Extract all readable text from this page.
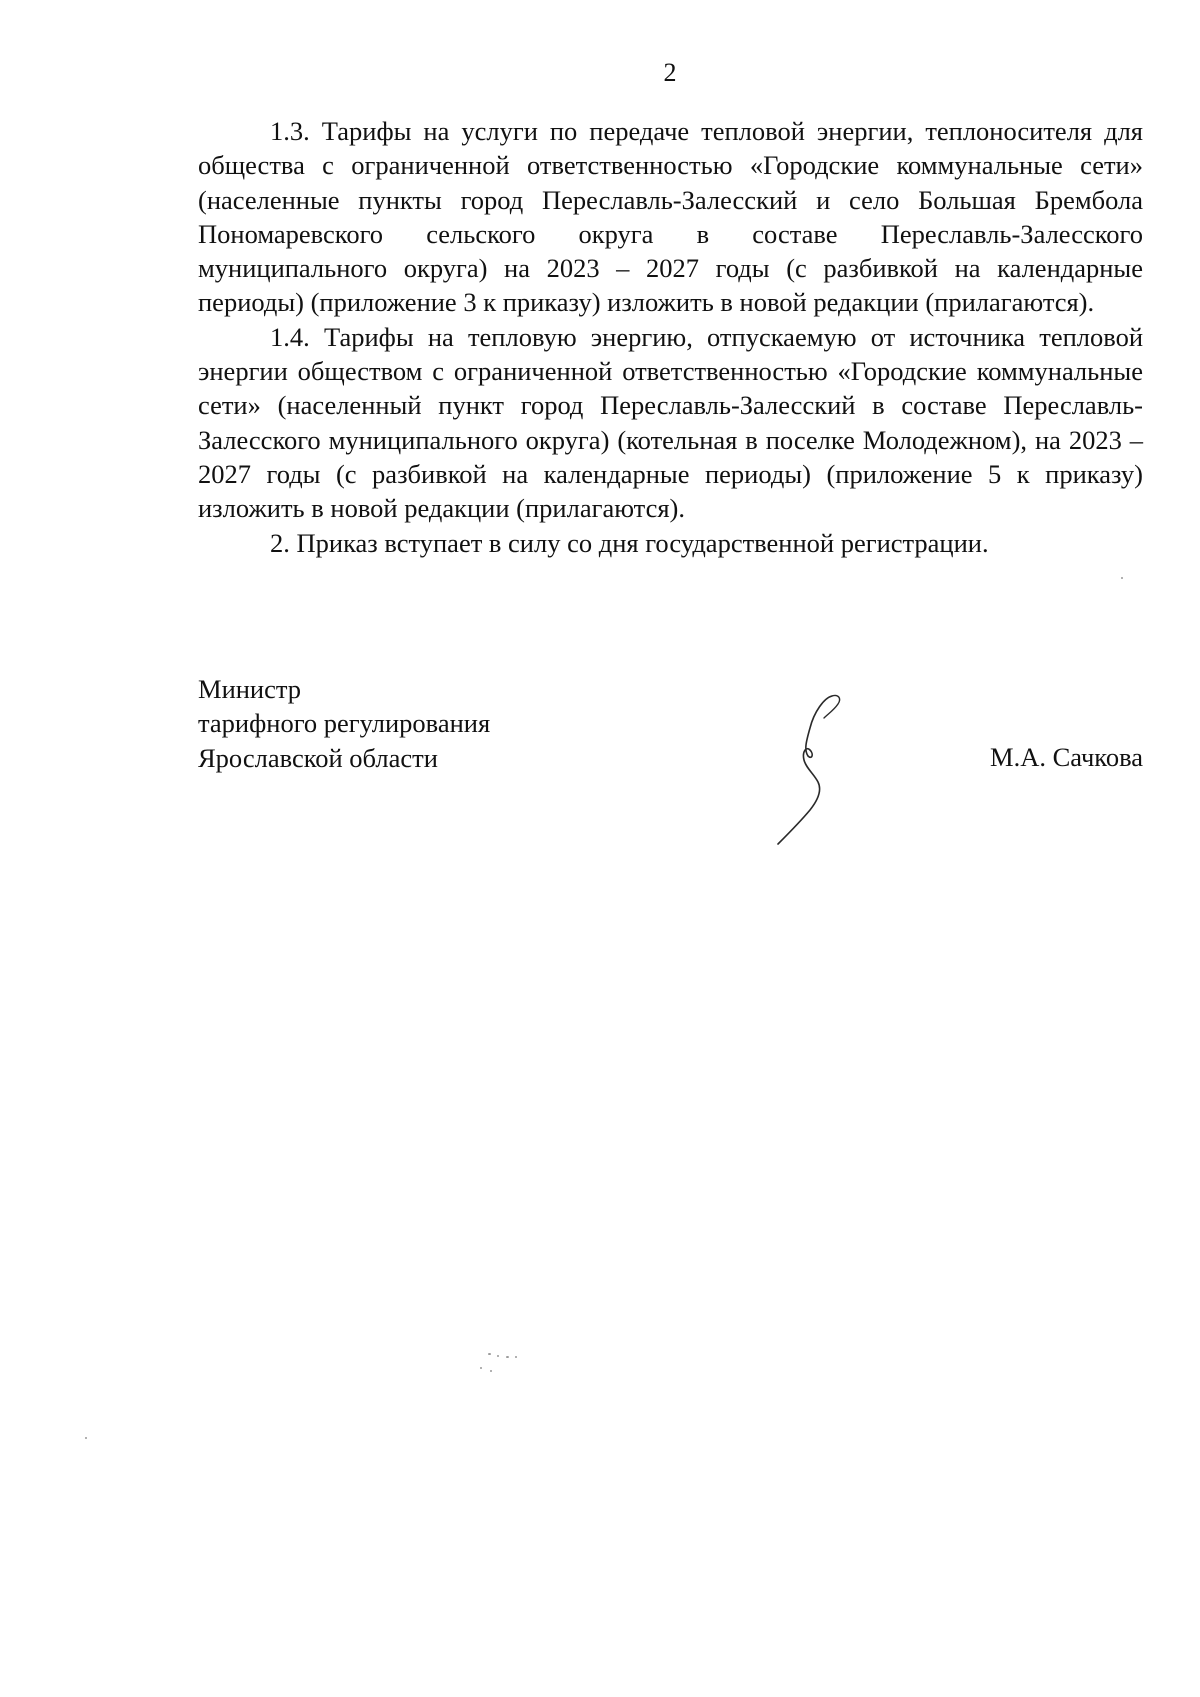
2

1.3. Тарифы на услуги по передаче тепловой энергии, теплоносителя для общества с ограниченной ответственностью «Городские коммунальные сети» (населенные пункты город Переславль-Залесский и село Большая Брембола Пономаревского сельского округа в составе Переславль-Залесского муниципального округа) на 2023 – 2027 годы (с разбивкой на календарные периоды) (приложение 3 к приказу) изложить в новой редакции (прилагаются).

1.4. Тарифы на тепловую энергию, отпускаемую от источника тепловой энергии обществом с ограниченной ответственностью «Городские коммунальные сети» (населенный пункт город Переславль-Залесский в составе Переславль-Залесского муниципального округа) (котельная в поселке Молодежном), на 2023 – 2027 годы (с разбивкой на календарные периоды) (приложение 5 к приказу) изложить в новой редакции (прилагаются).

2. Приказ вступает в силу со дня государственной регистрации.

Министр
тарифного регулирования
Ярославской области	М.А. Сачкова
